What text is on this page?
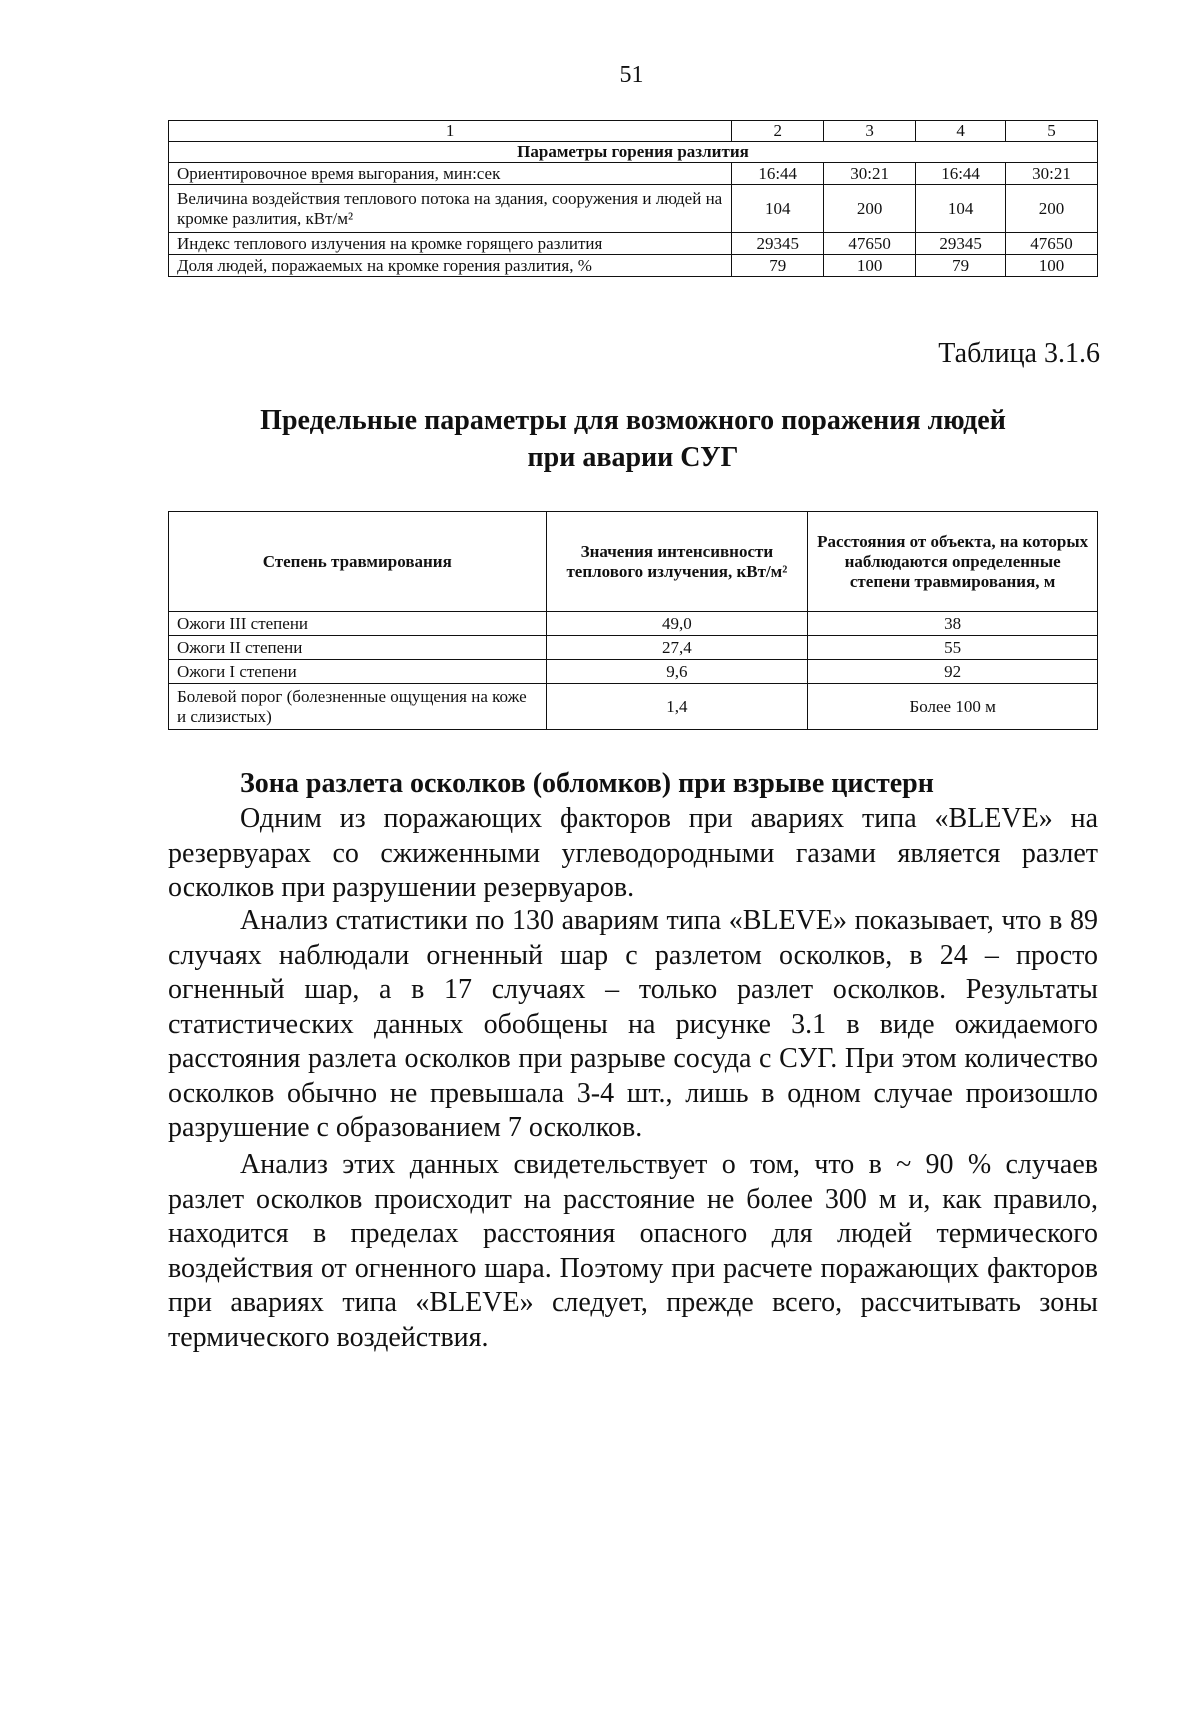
51
1	2	3	4	5
Параметры горения разлития				
Ориентировочное время выгорания, мин:сек	16:44	30:21	16:44	30:21
Величина воздействия теплового потока на здания, сооружения и людей на кромке разлития, кВт/м²	104	200	104	200
Индекс теплового излучения на кромке горящего разлития	29345	47650	29345	47650
Доля людей, поражаемых на кромке горения разлития, %	79	100	79	100
Таблица 3.1.6
Предельные параметры для возможного поражения людей
при аварии СУГ
Степень травмирования	Значения интенсивности теплового излучения, кВт/м²	Расстояния от объекта, на которых наблюдаются определенные степени травмирования, м
Ожоги III степени	49,0	38
Ожоги II степени	27,4	55
Ожоги I степени	9,6	92
Болевой порог (болезненные ощущения на коже и слизистых)	1,4	Более 100 м
Зона разлета осколков (обломков) при взрыве цистерн

Одним из поражающих факторов при авариях типа «BLEVE» на резервуарах со сжиженными углеводородными газами является разлет осколков при разрушении резервуаров.

Анализ статистики по 130 авариям типа «BLEVE» показывает, что в 89 случаях наблюдали огненный шар с разлетом осколков, в 24 – просто огненный шар, а в 17 случаях – только разлет осколков. Результаты статистических данных обобщены на рисунке 3.1 в виде ожидаемого расстояния разлета осколков при разрыве сосуда с СУГ. При этом количество осколков обычно не превышала 3-4 шт., лишь в одном случае произошло разрушение с образованием 7 осколков.

Анализ этих данных свидетельствует о том, что в ~ 90 % случаев разлет осколков происходит на расстояние не более 300 м и, как правило, находится в пределах расстояния опасного для людей термического воздействия от огненного шара. Поэтому при расчете поражающих факторов при авариях типа «BLEVE» следует, прежде всего, рассчитывать зоны термического воздействия.
